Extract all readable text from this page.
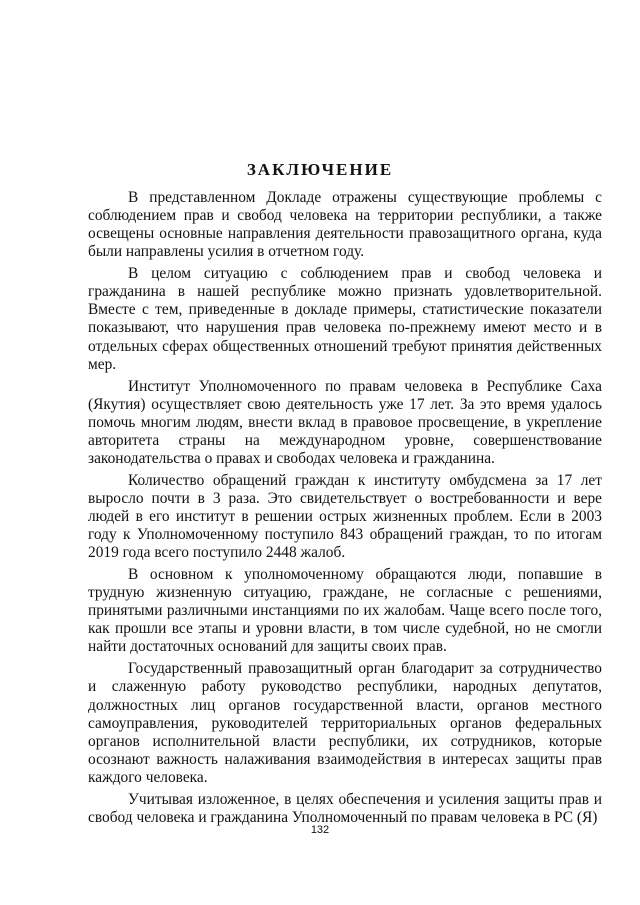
ЗАКЛЮЧЕНИЕ

В представленном Докладе отражены существующие проблемы с соблюдением прав и свобод человека на территории республики, а также освещены основные направления деятельности правозащитного органа, куда были направлены усилия в отчетном году.

В целом ситуацию с соблюдением прав и свобод человека и гражданина в нашей республике можно признать удовлетворительной. Вместе с тем, приведенные в докладе примеры, статистические показатели показывают, что нарушения прав человека по-прежнему имеют место и в отдельных сферах общественных отношений требуют принятия действенных мер.

Институт Уполномоченного по правам человека в Республике Саха (Якутия) осуществляет свою деятельность уже 17 лет. За это время удалось помочь многим людям, внести вклад в правовое просвещение, в укрепление авторитета страны на международном уровне, совершенствование законодательства о правах и свободах человека и гражданина.

Количество обращений граждан к институту омбудсмена за 17 лет выросло почти в 3 раза. Это свидетельствует о востребованности и вере людей в его институт в решении острых жизненных проблем. Если в 2003 году к Уполномоченному поступило 843 обращений граждан, то по итогам 2019 года всего поступило 2448 жалоб.

В основном к уполномоченному обращаются люди, попавшие в трудную жизненную ситуацию, граждане, не согласные с решениями, принятыми различными инстанциями по их жалобам. Чаще всего после того, как прошли все этапы и уровни власти, в том числе судебной, но не смогли найти достаточных оснований для защиты своих прав.

Государственный правозащитный орган благодарит за сотрудничество и слаженную работу руководство республики, народных депутатов, должностных лиц органов государственной власти, органов местного самоуправления, руководителей территориальных органов федеральных органов исполнительной власти республики, их сотрудников, которые осознают важность налаживания взаимодействия в интересах защиты прав каждого человека.

Учитывая изложенное, в целях обеспечения и усиления защиты прав и свобод человека и гражданина Уполномоченный по правам человека в РС (Я)

132
